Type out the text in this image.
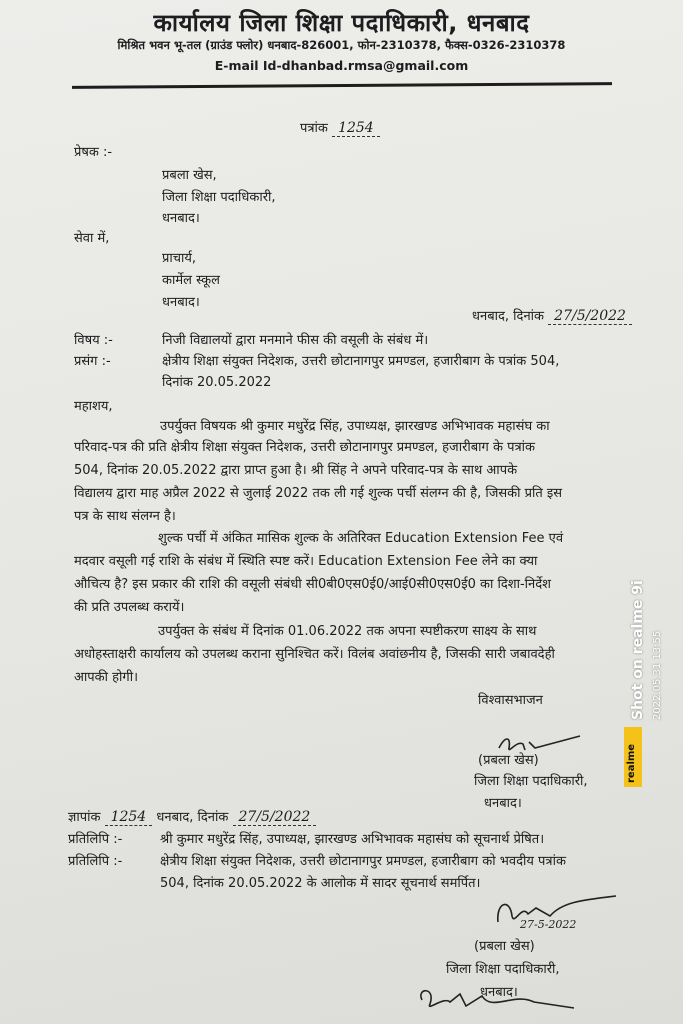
कार्यालय जिला शिक्षा पदाधिकारी, धनबाद
मिश्रित भवन भू-तल (ग्राउंड फ्लोर) धनबाद-826001, फोन-2310378, फैक्स-0326-2310378
E-mail Id-dhanbad.rmsa@gmail.com
पत्रांक 1254
प्रेषक :-
प्रबला खेस,
जिला शिक्षा पदाधिकारी,
धनबाद।
सेवा में,
प्राचार्य,
कार्मेल स्कूल
धनबाद।
धनबाद, दिनांक 27/5/2022
विषय :-	निजी विद्यालयों द्वारा मनमाने फीस की वसूली के संबंध में।
प्रसंग :-	क्षेत्रीय शिक्षा संयुक्त निदेशक, उत्तरी छोटानागपुर प्रमण्डल, हजारीबाग के पत्रांक 504,
दिनांक 20.05.2022
महाशय,
उपर्युक्त विषयक श्री कुमार मधुरेंद्र सिंह, उपाध्यक्ष, झारखण्ड अभिभावक महासंघ का
परिवाद-पत्र की प्रति क्षेत्रीय शिक्षा संयुक्त निदेशक, उत्तरी छोटानागपुर प्रमण्डल, हजारीबाग के पत्रांक
504, दिनांक 20.05.2022 द्वारा प्राप्त हुआ है। श्री सिंह ने अपने परिवाद-पत्र के साथ आपके
विद्यालय द्वारा माह अप्रैल 2022 से जुलाई 2022 तक ली गई शुल्क पर्ची संलग्न की है, जिसकी प्रति इस
पत्र के साथ संलग्न है।
शुल्क पर्ची में अंकित मासिक शुल्क के अतिरिक्त Education Extension Fee एवं
मदवार वसूली गई राशि के संबंध में स्थिति स्पष्ट करें। Education Extension Fee लेने का क्या
औचित्य है? इस प्रकार की राशि की वसूली संबंधी सी0बी0एस0ई0/आई0सी0एस0ई0 का दिशा-निर्देश
की प्रति उपलब्ध करायें।
उपर्युक्त के संबंध में दिनांक 01.06.2022 तक अपना स्पष्टीकरण साक्ष्य के साथ
अधोहस्ताक्षरी कार्यालय को उपलब्ध कराना सुनिश्चित करें। विलंब अवांछनीय है, जिसकी सारी जबावदेही
आपकी होगी।
विश्वासभाजन
(प्रबला खेस)
जिला शिक्षा पदाधिकारी,
धनबाद।
ज्ञापांक 1254 धनबाद, दिनांक 27/5/2022
प्रतिलिपि :-	श्री कुमार मधुरेंद्र सिंह, उपाध्यक्ष, झारखण्ड अभिभावक महासंघ को सूचनार्थ प्रेषित।
प्रतिलिपि :-	क्षेत्रीय शिक्षा संयुक्त निदेशक, उत्तरी छोटानागपुर प्रमण्डल, हजारीबाग को भवदीय पत्रांक
504, दिनांक 20.05.2022 के आलोक में सादर सूचनार्थ समर्पित।
27-5-2022
(प्रबला खेस)
जिला शिक्षा पदाधिकारी,
धनबाद।
Shot on realme 9i 2022.05.31 13:55
realme
